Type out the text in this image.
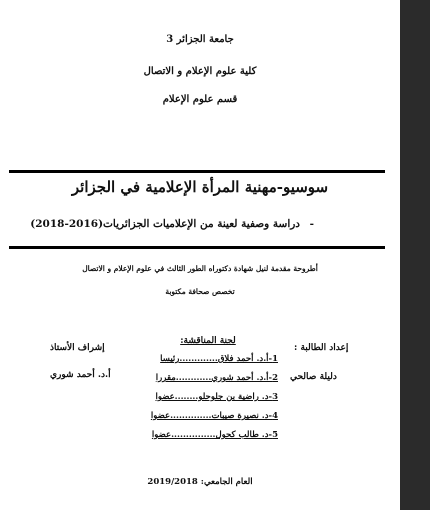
جامعة الجزائر 3
كلية علوم الإعلام و الاتصال
قسم علوم الإعلام
سوسيو-مهنية المرأة الإعلامية في الجزائر
- دراسة وصفية لعينة من الإعلاميات الجزائريات(2016-2018)
أطروحة مقدمة لنيل شهادة دكتوراه الطور الثالث في علوم الإعلام و الاتصال
تخصص صحافة مكتوبة
إعداد الطالبة :
دليلة صالحي
لجنة المناقشة:
1-أ.د. أحمد فلاق.............رئيسا
2-أ.د. أحمد شوري............مقررا
3-د. راضية بن جلوحلو........عضوا
4-د. نصيرة صيبات..............عضوا
5-د. طالب كحول...............عضوا
إشراف الأستاذ
أ.د. أحمد شوري
العام الجامعي: 2019/2018
